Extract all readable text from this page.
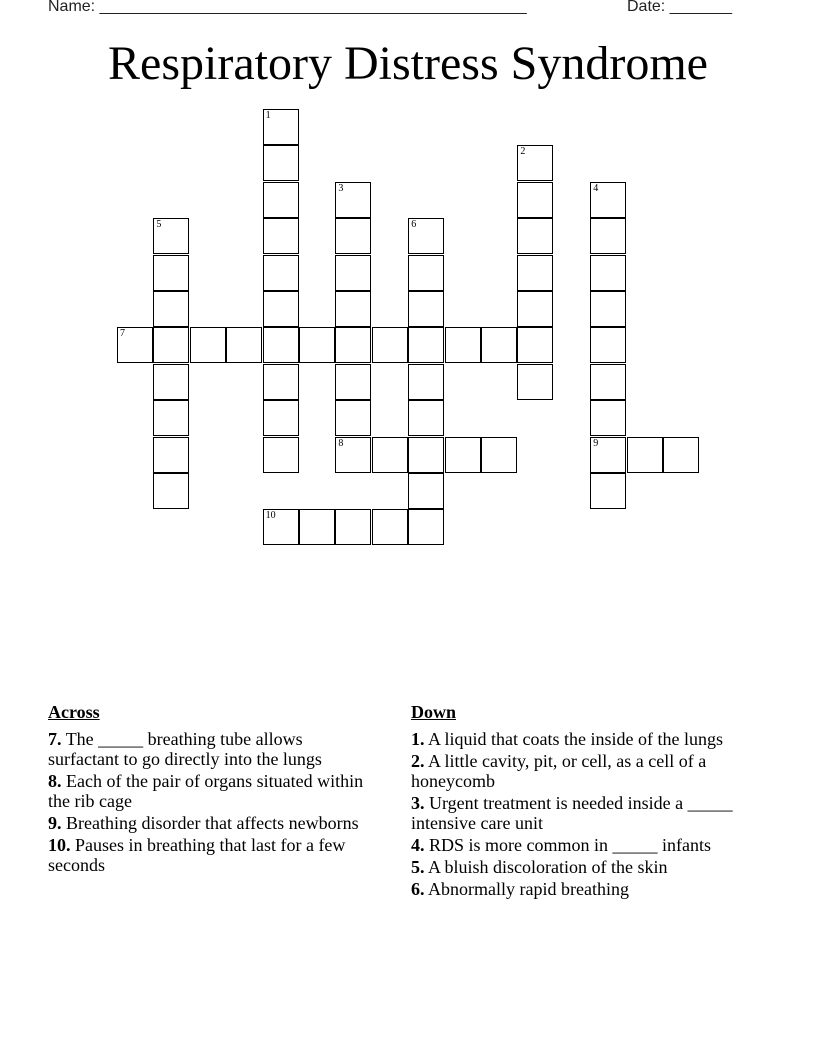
Name: ________________________________________________	Date: _______
Respiratory Distress Syndrome
1
2
3
8
4
9
5	6
7
10
Across
7. The _____ breathing tube allows surfactant to go directly into the lungs
8. Each of the pair of organs situated within the rib cage
9. Breathing disorder that affects newborns
10. Pauses in breathing that last for a few seconds
Down
1. A liquid that coats the inside of the lungs
2. A little cavity, pit, or cell, as a cell of a honeycomb
3. Urgent treatment is needed inside a _____ intensive care unit
4. RDS is more common in _____ infants
5. A bluish discoloration of the skin
6. Abnormally rapid breathing
